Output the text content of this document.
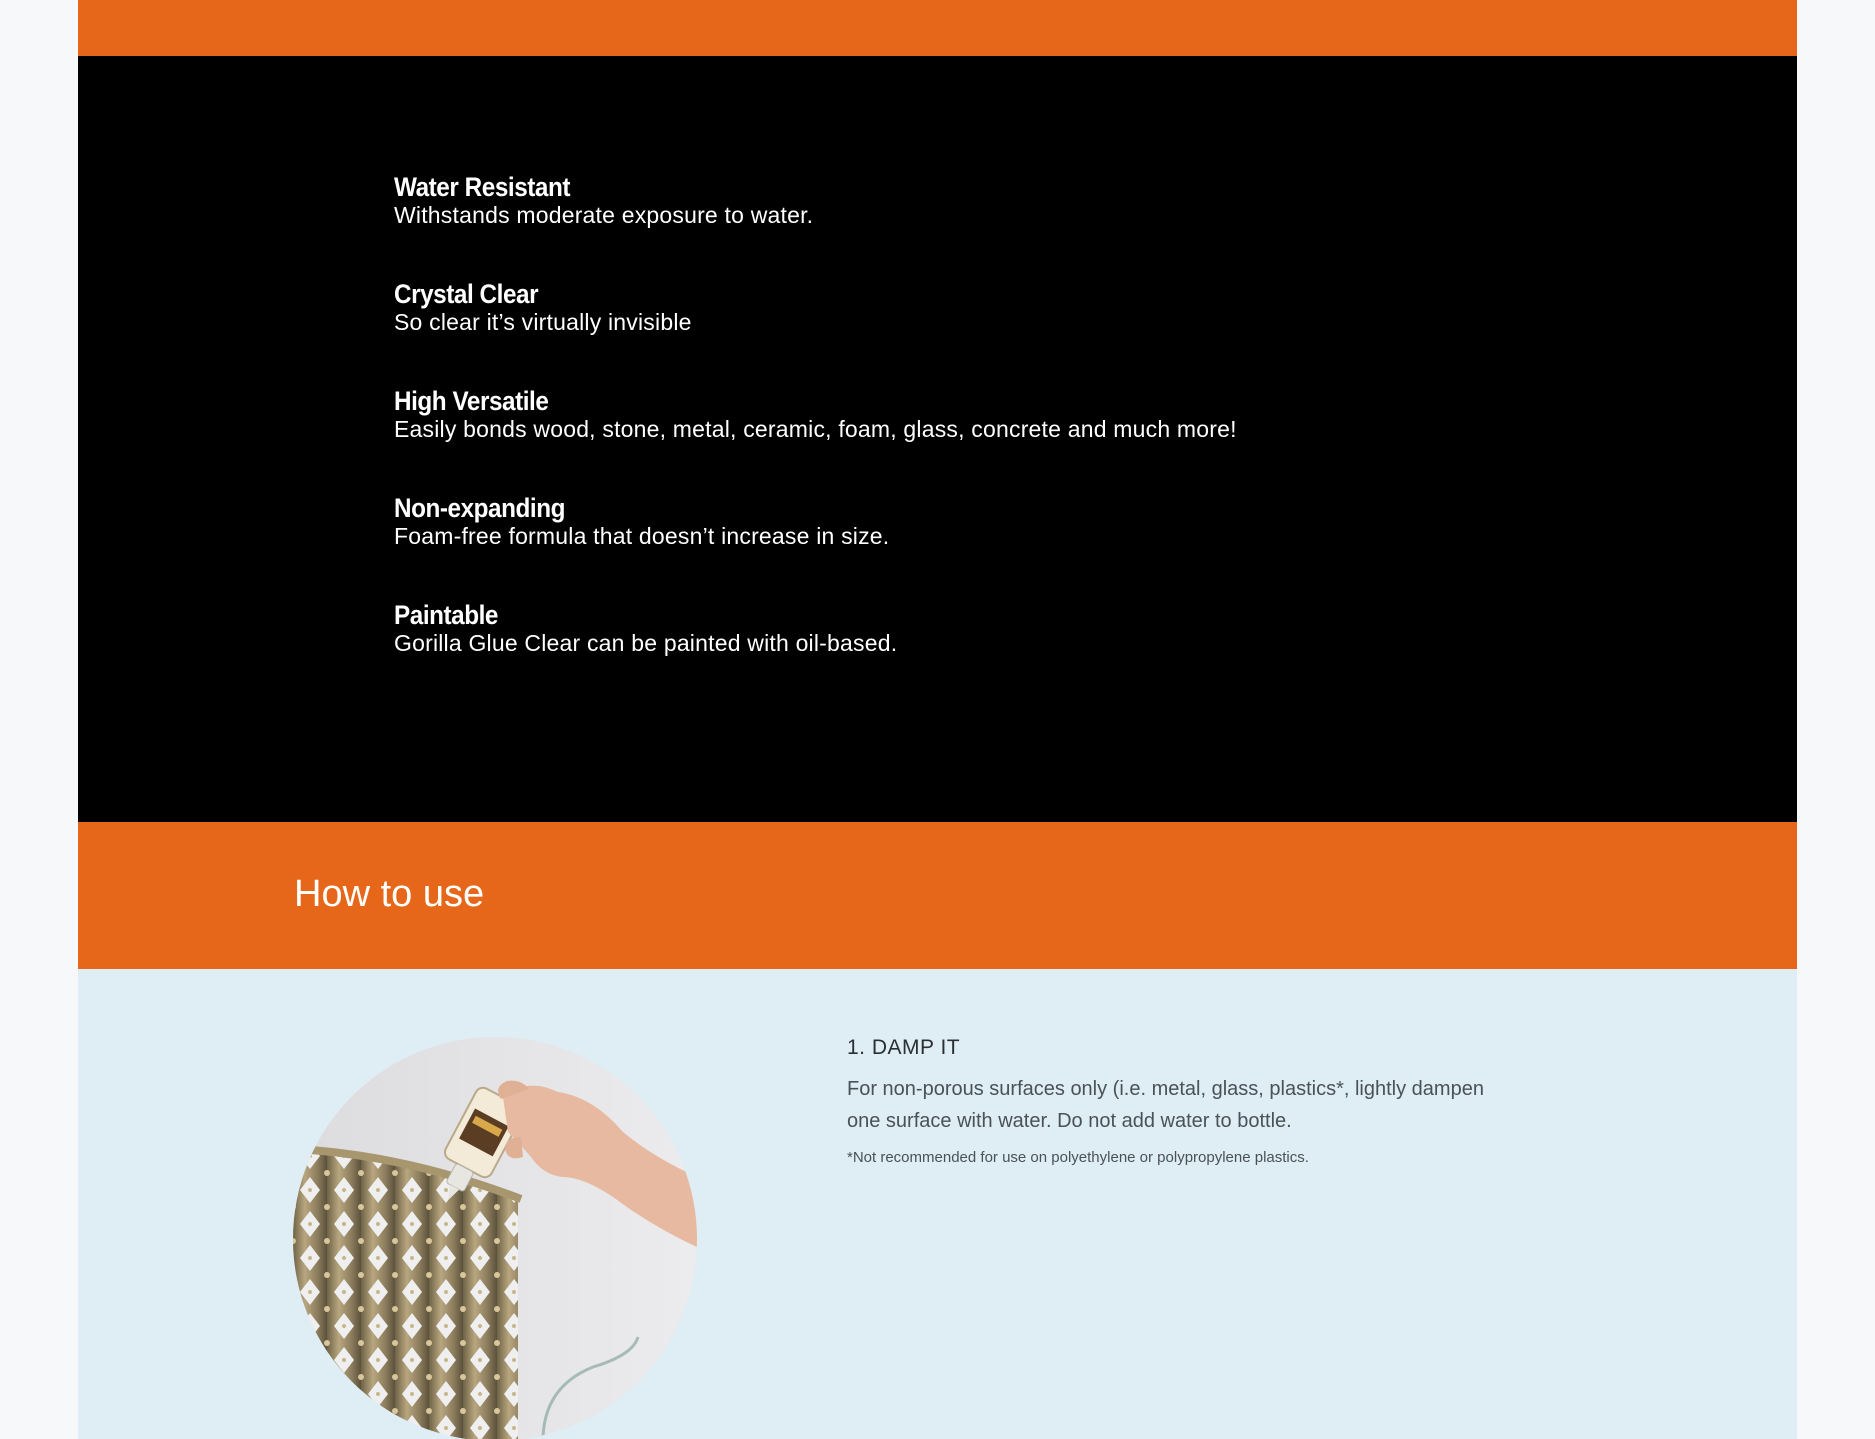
Water Resistant
Withstands moderate exposure to water.
Crystal Clear
So clear it’s virtually invisible
High Versatile
Easily bonds wood, stone, metal, ceramic, foam, glass, concrete and much more!
Non-expanding
Foam-free formula that doesn’t increase in size.
Paintable
Gorilla Glue Clear can be painted with oil-based.
How to use
1. DAMP IT
For non-porous surfaces only (i.e. metal, glass, plastics*, lightly dampen one surface with water. Do not add water to bottle.
*Not recommended for use on polyethylene or polypropylene plastics.
